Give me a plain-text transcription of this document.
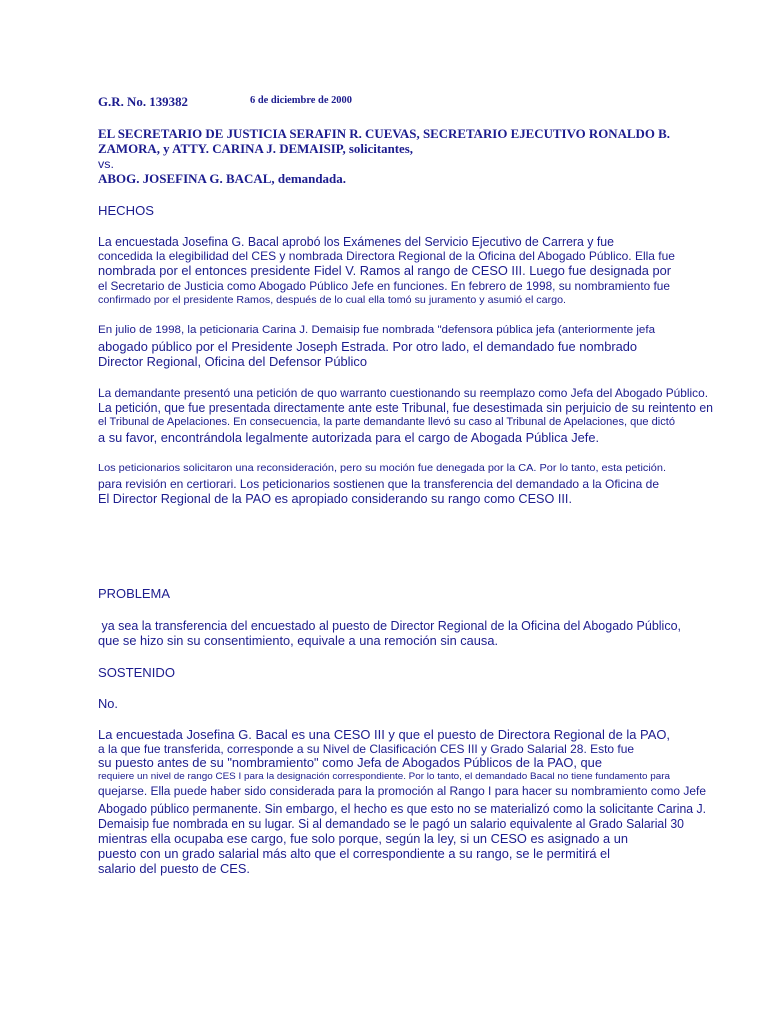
G.R. No. 139382	6 de diciembre de 2000
EL SECRETARIO DE JUSTICIA SERAFIN R. CUEVAS, SECRETARIO EJECUTIVO RONALDO B.
ZAMORA, y ATTY. CARINA J. DEMAISIP, solicitantes,
vs.
ABOG. JOSEFINA G. BACAL, demandada.
HECHOS
La encuestada Josefina G. Bacal aprobó los Exámenes del Servicio Ejecutivo de Carrera y fue
concedida la elegibilidad del CES y nombrada Directora Regional de la Oficina del Abogado Público. Ella fue
nombrada por el entonces presidente Fidel V. Ramos al rango de CESO III. Luego fue designada por
el Secretario de Justicia como Abogado Público Jefe en funciones. En febrero de 1998, su nombramiento fue
confirmado por el presidente Ramos, después de lo cual ella tomó su juramento y asumió el cargo.
En julio de 1998, la peticionaria Carina J. Demaisip fue nombrada "defensora pública jefa (anteriormente jefa
abogado público por el Presidente Joseph Estrada. Por otro lado, el demandado fue nombrado
Director Regional, Oficina del Defensor Público
La demandante presentó una petición de quo warranto cuestionando su reemplazo como Jefa del Abogado Público.
La petición, que fue presentada directamente ante este Tribunal, fue desestimada sin perjuicio de su reintento en
el Tribunal de Apelaciones. En consecuencia, la parte demandante llevó su caso al Tribunal de Apelaciones, que dictó
a su favor, encontrándola legalmente autorizada para el cargo de Abogada Pública Jefe.
Los peticionarios solicitaron una reconsideración, pero su moción fue denegada por la CA. Por lo tanto, esta petición.
para revisión en certiorari. Los peticionarios sostienen que la transferencia del demandado a la Oficina de
El Director Regional de la PAO es apropiado considerando su rango como CESO III.
PROBLEMA
ya sea la transferencia del encuestado al puesto de Director Regional de la Oficina del Abogado Público,
que se hizo sin su consentimiento, equivale a una remoción sin causa.
SOSTENIDO
No.
La encuestada Josefina G. Bacal es una CESO III y que el puesto de Directora Regional de la PAO,
a la que fue transferida, corresponde a su Nivel de Clasificación CES III y Grado Salarial 28. Esto fue
su puesto antes de su "nombramiento" como Jefa de Abogados Públicos de la PAO, que
requiere un nivel de rango CES I para la designación correspondiente. Por lo tanto, el demandado Bacal no tiene fundamento para
quejarse. Ella puede haber sido considerada para la promoción al Rango I para hacer su nombramiento como Jefe
Abogado público permanente. Sin embargo, el hecho es que esto no se materializó como la solicitante Carina J.
Demaisip fue nombrada en su lugar. Si al demandado se le pagó un salario equivalente al Grado Salarial 30
mientras ella ocupaba ese cargo, fue solo porque, según la ley, si un CESO es asignado a un
puesto con un grado salarial más alto que el correspondiente a su rango, se le permitirá el
salario del puesto de CES.
